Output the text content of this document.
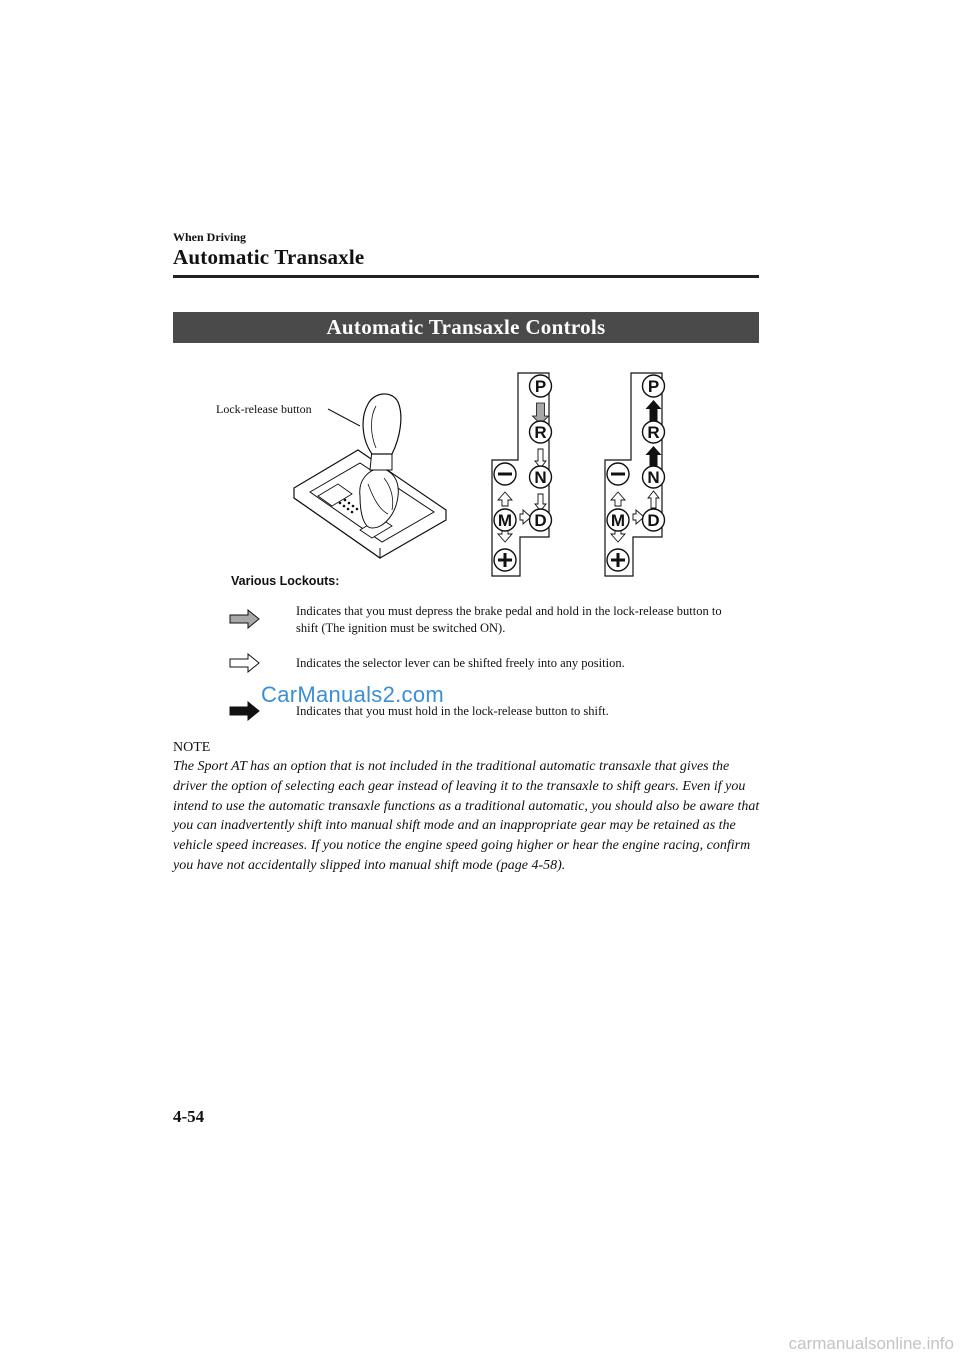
When Driving
Automatic Transaxle
Automatic Transaxle Controls
Lock-release button
P
R
N
D
M
P
R
N
D
M
Various Lockouts:
Indicates that you must depress the brake pedal and hold in the lock-release button to shift (The ignition must be switched ON).
Indicates the selector lever can be shifted freely into any position.
Indicates that you must hold in the lock-release button to shift.
CarManuals2.com
NOTE
The Sport AT has an option that is not included in the traditional automatic transaxle that gives the driver the option of selecting each gear instead of leaving it to the transaxle to shift gears. Even if you intend to use the automatic transaxle functions as a traditional automatic, you should also be aware that you can inadvertently shift into manual shift mode and an inappropriate gear may be retained as the vehicle speed increases. If you notice the engine speed going higher or hear the engine racing, confirm you have not accidentally slipped into manual shift mode (page 4-58).
4-54
carmanualsonline.info
